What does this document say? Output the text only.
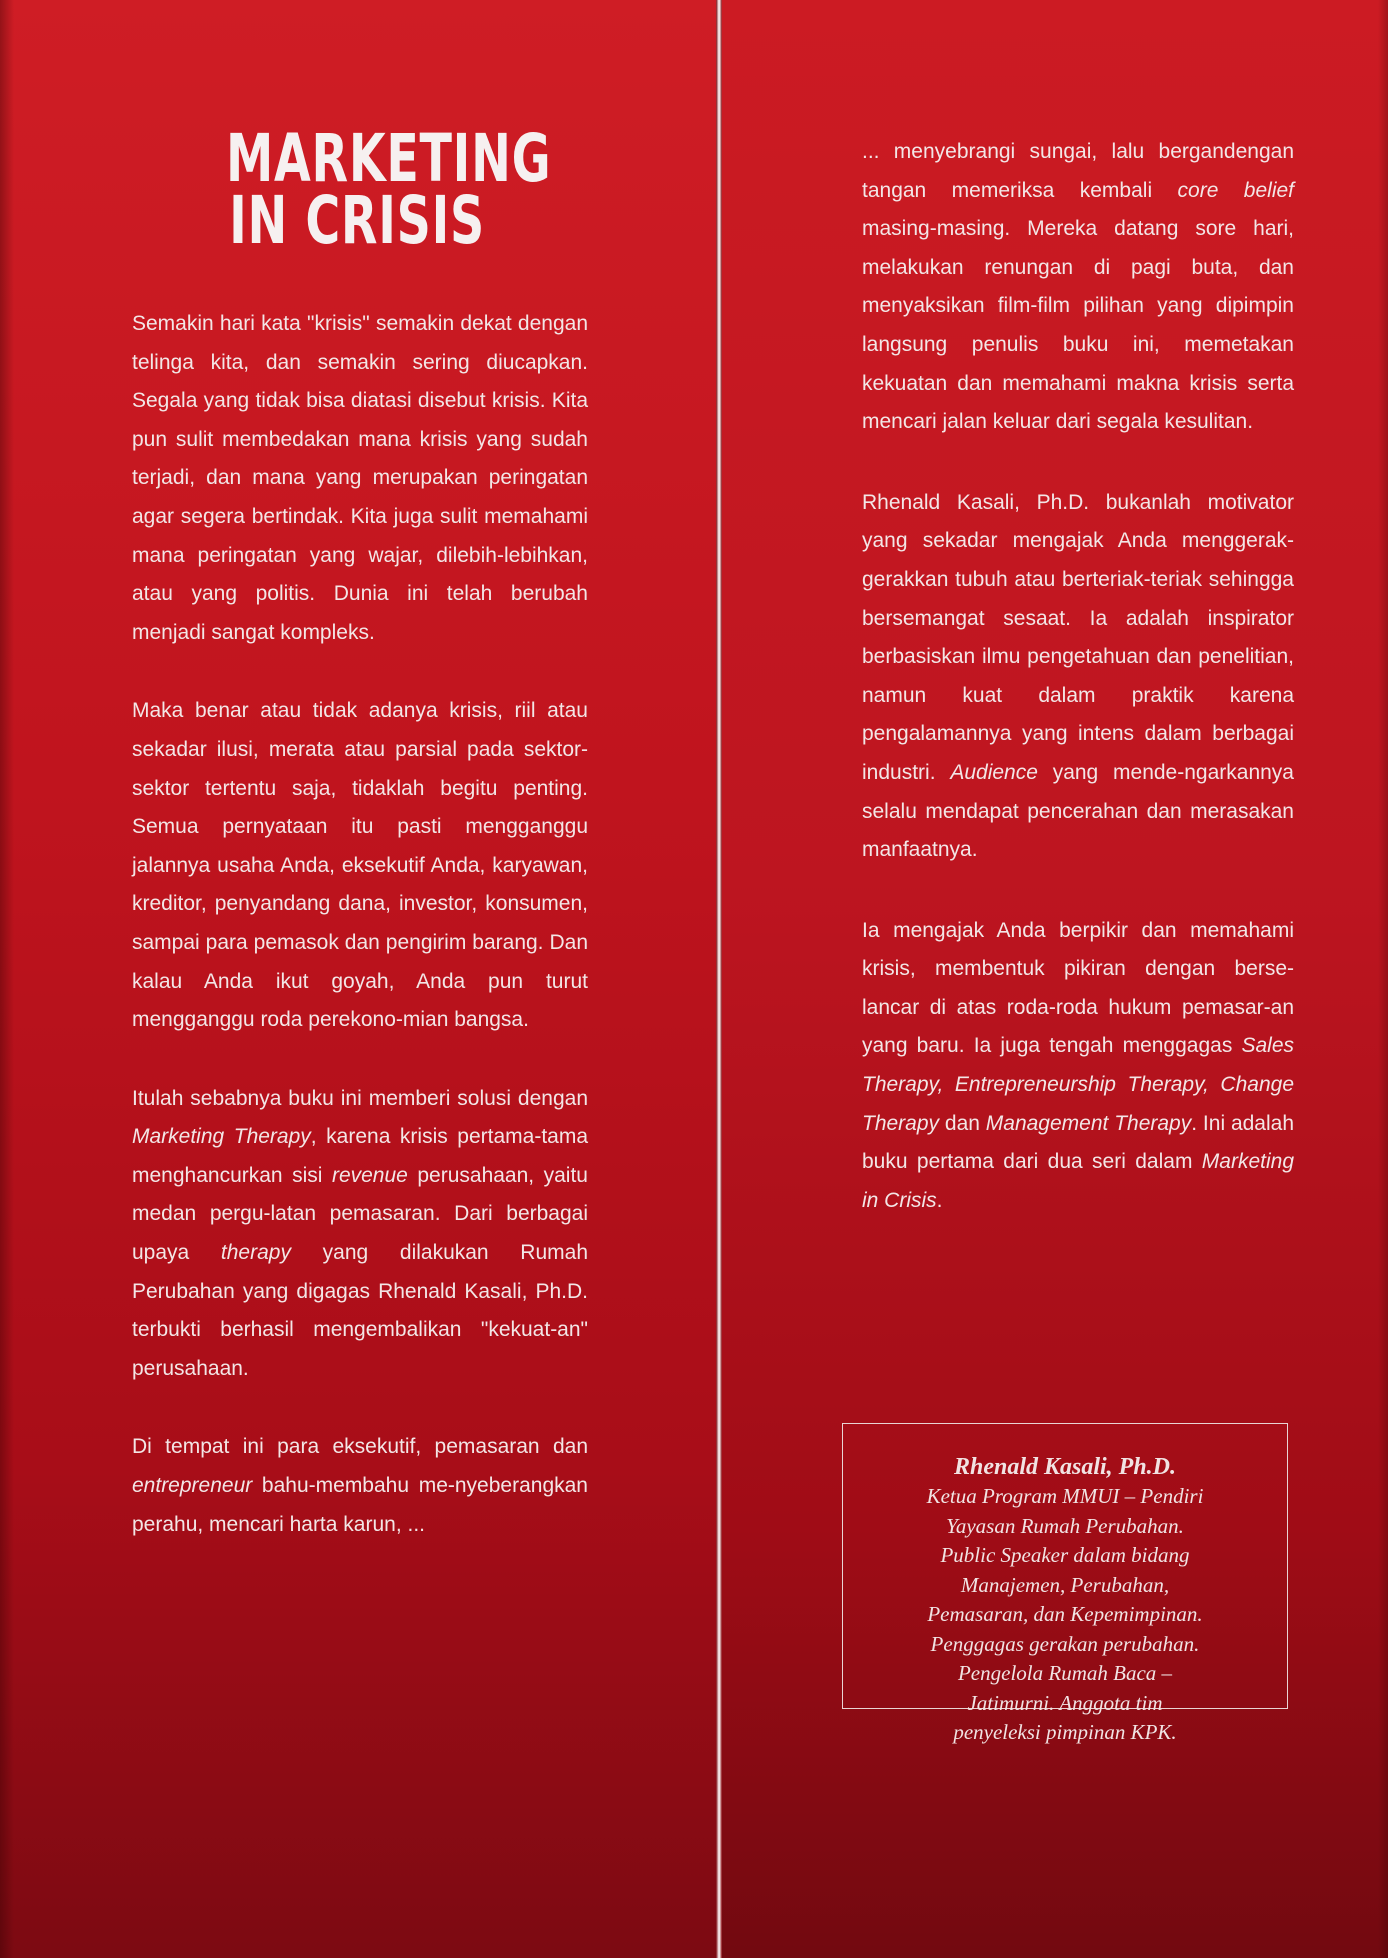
MARKETING
IN CRISIS

Semakin hari kata "krisis" semakin dekat dengan telinga kita, dan semakin sering diucapkan. Segala yang tidak bisa diatasi disebut krisis. Kita pun sulit membedakan mana krisis yang sudah terjadi, dan mana yang merupakan peringatan agar segera bertindak. Kita juga sulit memahami mana peringatan yang wajar, dilebih-lebihkan, atau yang politis. Dunia ini telah berubah menjadi sangat kompleks.

Maka benar atau tidak adanya krisis, riil atau sekadar ilusi, merata atau parsial pada sektor-sektor tertentu saja, tidaklah begitu penting. Semua pernyataan itu pasti mengganggu jalannya usaha Anda, eksekutif Anda, karyawan, kreditor, penyandang dana, investor, konsumen, sampai para pemasok dan pengirim barang. Dan kalau Anda ikut goyah, Anda pun turut mengganggu roda perekono-mian bangsa.

Itulah sebabnya buku ini memberi solusi dengan Marketing Therapy, karena krisis pertama-tama menghancurkan sisi revenue perusahaan, yaitu medan pergu-latan pemasaran. Dari berbagai upaya therapy yang dilakukan Rumah Perubahan yang digagas Rhenald Kasali, Ph.D. terbukti berhasil mengembalikan "kekuat-an" perusahaan.

Di tempat ini para eksekutif, pemasaran dan entrepreneur bahu-membahu me-nyeberangkan perahu, mencari harta karun, ...

... menyebrangi sungai, lalu bergandengan tangan memeriksa kembali core belief masing-masing. Mereka datang sore hari, melakukan renungan di pagi buta, dan menyaksikan film-film pilihan yang dipimpin langsung penulis buku ini, memetakan kekuatan dan memahami makna krisis serta mencari jalan keluar dari segala kesulitan.

Rhenald Kasali, Ph.D. bukanlah motivator yang sekadar mengajak Anda menggerak-gerakkan tubuh atau berteriak-teriak sehingga bersemangat sesaat. Ia adalah inspirator berbasiskan ilmu pengetahuan dan penelitian, namun kuat dalam praktik karena pengalamannya yang intens dalam berbagai industri. Audience yang mende-ngarkannya selalu mendapat pencerahan dan merasakan manfaatnya.

Ia mengajak Anda berpikir dan memahami krisis, membentuk pikiran dengan berse-lancar di atas roda-roda hukum pemasar-an yang baru. Ia juga tengah menggagas Sales Therapy, Entrepreneurship Therapy, Change Therapy dan Management Therapy. Ini adalah buku pertama dari dua seri dalam Marketing in Crisis.

Rhenald Kasali, Ph.D.
Ketua Program MMUI – Pendiri
Yayasan Rumah Perubahan.
Public Speaker dalam bidang
Manajemen, Perubahan,
Pemasaran, dan Kepemimpinan.
Penggagas gerakan perubahan.
Pengelola Rumah Baca –
Jatimurni. Anggota tim
penyeleksi pimpinan KPK.
